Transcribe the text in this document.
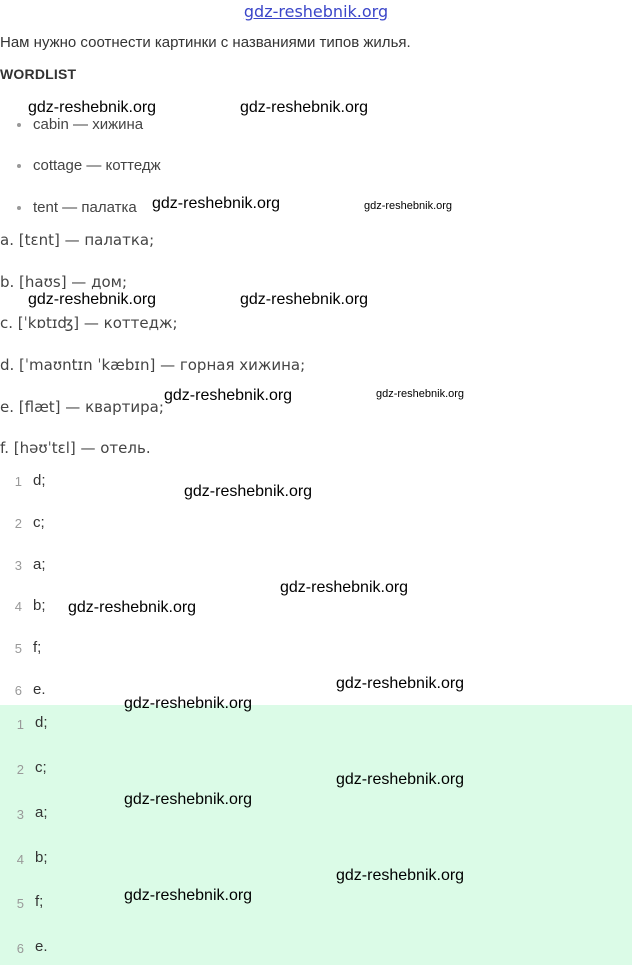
gdz-reshebnik.org
Нам нужно соотнести картинки с названиями типов жилья.
WORDLIST
cabin — хижина
cottage — коттедж
tent — палатка
a. [tɛnt] — палатка;
b. [haʊs] — дом;
c. [ˈkɒtɪʤ] — коттедж;
d. [ˈmaʊntɪn ˈkæbɪn] — горная хижина;
e. [flæt] — квартира;
f. [həʊˈtɛl] — отель.
1 d;
2 c;
3 a;
4 b;
5 f;
6 e.
1 d;
2 c;
3 a;
4 b;
5 f;
6 e.
gdz-reshebnik.org	gdz-reshebnik.org
gdz-reshebnik.org	gdz-reshebnik.org
gdz-reshebnik.org	gdz-reshebnik.org
gdz-reshebnik.org	gdz-reshebnik.org
gdz-reshebnik.org
gdz-reshebnik.org
gdz-reshebnik.org
gdz-reshebnik.org
gdz-reshebnik.org
gdz-reshebnik.org
gdz-reshebnik.org
gdz-reshebnik.org
gdz-reshebnik.org
